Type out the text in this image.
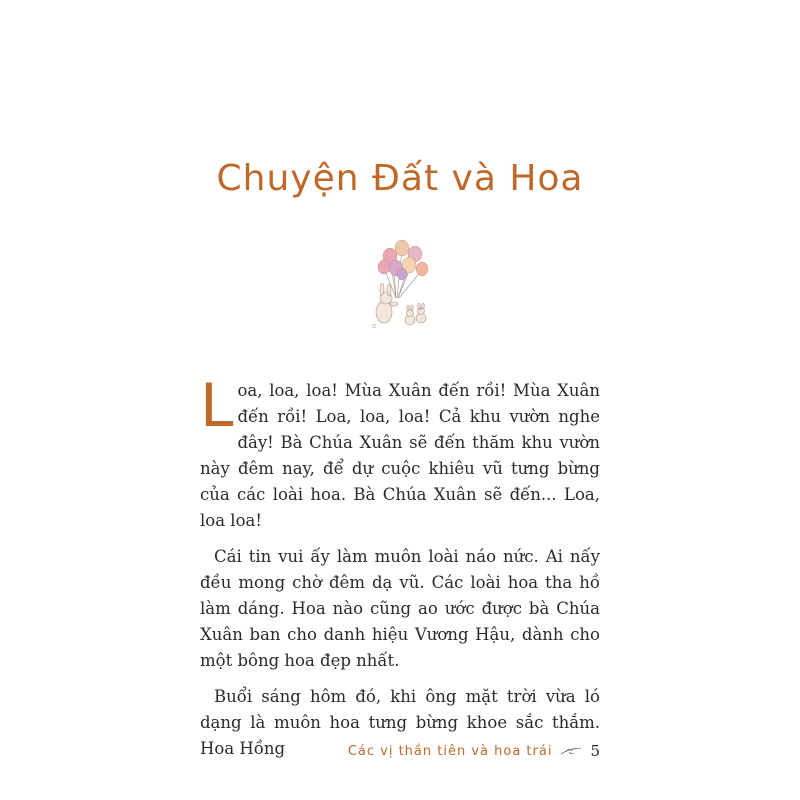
Chuyện Đất và Hoa

Loa, loa, loa! Mùa Xuân đến rồi! Mùa Xuân đến rồi! Loa, loa, loa! Cả khu vườn nghe đây! Bà Chúa Xuân sẽ đến thăm khu vườn này đêm nay, để dự cuộc khiêu vũ tưng bừng của các loài hoa. Bà Chúa Xuân sẽ đến... Loa, loa loa!

Cái tin vui ấy làm muôn loài náo nức. Ai nấy đều mong chờ đêm dạ vũ. Các loài hoa tha hồ làm dáng. Hoa nào cũng ao ước được bà Chúa Xuân ban cho danh hiệu Vương Hậu, dành cho một bông hoa đẹp nhất.

Buổi sáng hôm đó, khi ông mặt trời vừa ló dạng là muôn hoa tưng bừng khoe sắc thắm. Hoa Hồng	Các vị thần tiên và hoa trái	5
